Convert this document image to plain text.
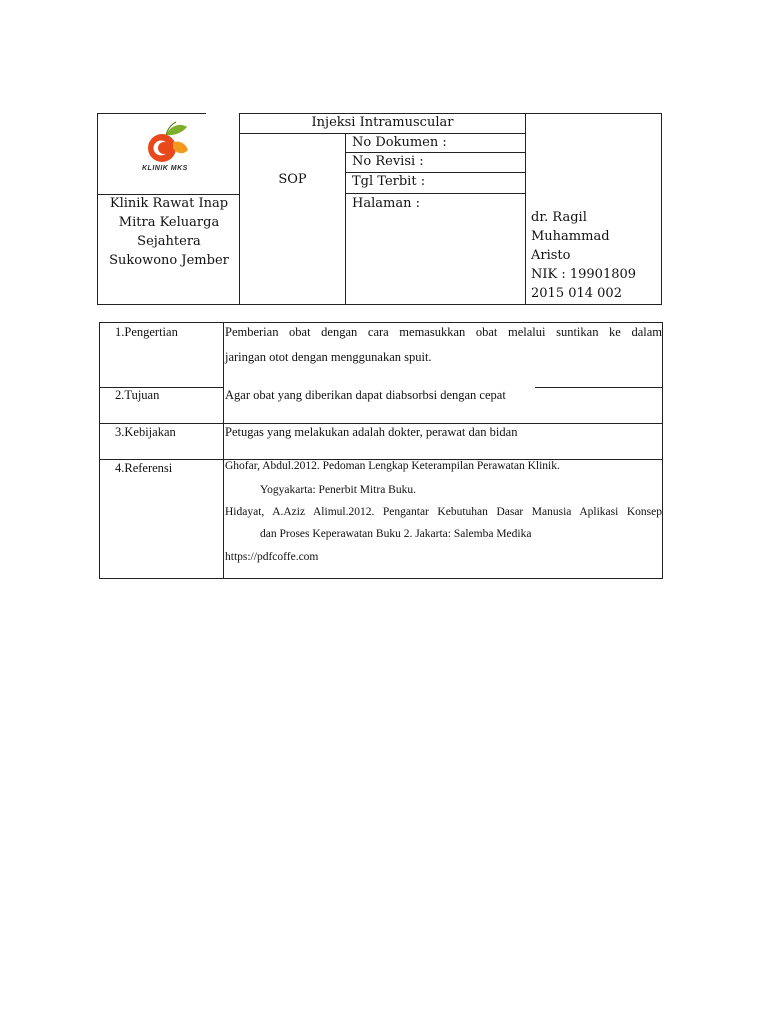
KLINIK MKS
Klinik Rawat Inap
Mitra Keluarga
Sejahtera
Sukowono Jember
Injeksi Intramuscular
SOP
No Dokumen :
No Revisi :
Tgl Terbit :
Halaman :
dr. Ragil
Muhammad
Aristo
NIK : 19901809
2015 014 002
1.Pengertian	Pemberian obat dengan cara memasukkan obat melalui suntikan ke dalam
jaringan otot dengan menggunakan spuit.
2.Tujuan	Agar obat yang diberikan dapat diabsorbsi dengan cepat
3.Kebijakan	Petugas yang melakukan adalah dokter, perawat dan bidan
4.Referensi	Ghofar, Abdul.2012. Pedoman Lengkap Keterampilan Perawatan Klinik.
Yogyakarta: Penerbit Mitra Buku.
Hidayat, A.Aziz Alimul.2012. Pengantar Kebutuhan Dasar Manusia Aplikasi Konsep
dan Proses Keperawatan Buku 2. Jakarta: Salemba Medika
https://pdfcoffe.com
